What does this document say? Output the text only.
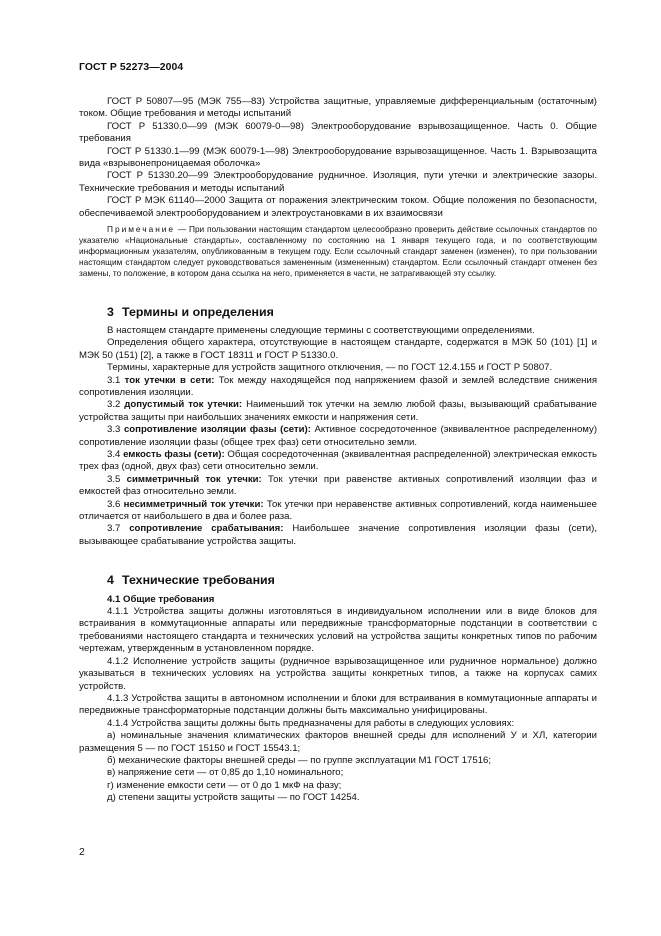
ГОСТ Р 52273—2004

ГОСТ Р 50807—95 (МЭК 755—83) Устройства защитные, управляемые дифференциальным (остаточным) током. Общие требования и методы испытаний

ГОСТ Р 51330.0—99 (МЭК 60079-0—98) Электрооборудование взрывозащищенное. Часть 0. Общие требования

ГОСТ Р 51330.1—99 (МЭК 60079-1—98) Электрооборудование взрывозащищенное. Часть 1. Взрывозащита вида «взрывонепроницаемая оболочка»

ГОСТ Р 51330.20—99 Электрооборудование рудничное. Изоляция, пути утечки и электрические зазоры. Технические требования и методы испытаний

ГОСТ Р МЭК 61140—2000 Защита от поражения электрическим током. Общие положения по безопасности, обеспечиваемой электрооборудованием и электроустановками в их взаимосвязи

Примечание — При пользовании настоящим стандартом целесообразно проверить действие ссылочных стандартов по указателю «Национальные стандарты», составленному по состоянию на 1 января текущего года, и по соответствующим информационным указателям, опубликованным в текущем году. Если ссылочный стандарт заменен (изменен), то при пользовании настоящим стандартом следует руководствоваться замененным (измененным) стандартом. Если ссылочный стандарт отменен без замены, то положение, в котором дана ссылка на него, применяется в части, не затрагивающей эту ссылку.

3 Термины и определения

В настоящем стандарте применены следующие термины с соответствующими определениями.

Определения общего характера, отсутствующие в настоящем стандарте, содержатся в МЭК 50 (101) [1] и МЭК 50 (151) [2], а также в ГОСТ 18311 и ГОСТ Р 51330.0.

Термины, характерные для устройств защитного отключения, — по ГОСТ 12.4.155 и ГОСТ Р 50807.

3.1 ток утечки в сети: Ток между находящейся под напряжением фазой и землей вследствие снижения сопротивления изоляции.

3.2 допустимый ток утечки: Наименьший ток утечки на землю любой фазы, вызывающий срабатывание устройства защиты при наибольших значениях емкости и напряжения сети.

3.3 сопротивление изоляции фазы (сети): Активное сосредоточенное (эквивалентное распределенному) сопротивление изоляции фазы (общее трех фаз) сети относительно земли.

3.4 емкость фазы (сети): Общая сосредоточенная (эквивалентная распределенной) электрическая емкость трех фаз (одной, двух фаз) сети относительно земли.

3.5 симметричный ток утечки: Ток утечки при равенстве активных сопротивлений изоляции фаз и емкостей фаз относительно земли.

3.6 несимметричный ток утечки: Ток утечки при неравенстве активных сопротивлений, когда наименьшее отличается от наибольшего в два и более раза.

3.7 сопротивление срабатывания: Наибольшее значение сопротивления изоляции фазы (сети), вызывающее срабатывание устройства защиты.

4 Технические требования

4.1 Общие требования

4.1.1 Устройства защиты должны изготовляться в индивидуальном исполнении или в виде блоков для встраивания в коммутационные аппараты или передвижные трансформаторные подстанции в соответствии с требованиями настоящего стандарта и технических условий на устройства защиты конкретных типов по рабочим чертежам, утвержденным в установленном порядке.

4.1.2 Исполнение устройств защиты (рудничное взрывозащищенное или рудничное нормальное) должно указываться в технических условиях на устройства защиты конкретных типов, а также на корпусах самих устройств.

4.1.3 Устройства защиты в автономном исполнении и блоки для встраивания в коммутационные аппараты и передвижные трансформаторные подстанции должны быть максимально унифицированы.

4.1.4 Устройства защиты должны быть предназначены для работы в следующих условиях:

а) номинальные значения климатических факторов внешней среды для исполнений У и ХЛ, категории размещения 5 — по ГОСТ 15150 и ГОСТ 15543.1;

б) механические факторы внешней среды — по группе эксплуатации М1 ГОСТ 17516;

в) напряжение сети — от 0,85 до 1,10 номинального;

г) изменение емкости сети — от 0 до 1 мкФ на фазу;

д) степени защиты устройств защиты — по ГОСТ 14254.

2
